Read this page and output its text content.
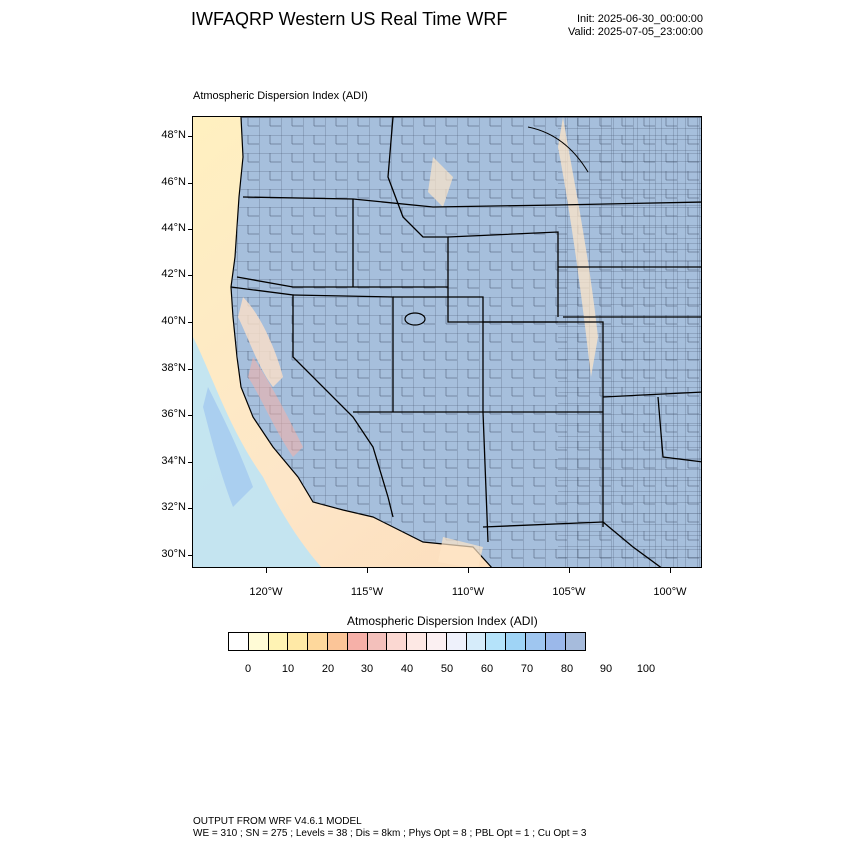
IWFAQRP Western US Real Time WRF	Init: 2025-06-30_00:00:00
Valid: 2025-07-05_23:00:00
Atmospheric Dispersion Index (ADI)
48°N
46°N
44°N
42°N
40°N
38°N
36°N
34°N
32°N
30°N
120°W	115°W	110°W	105°W	100°W
Atmospheric Dispersion Index (ADI)
0	10	20	30	40	50	60	70	80	90	100
OUTPUT FROM WRF V4.6.1 MODEL
WE = 310 ; SN = 275 ; Levels = 38 ; Dis = 8km ; Phys Opt = 8 ; PBL Opt = 1 ; Cu Opt = 3
